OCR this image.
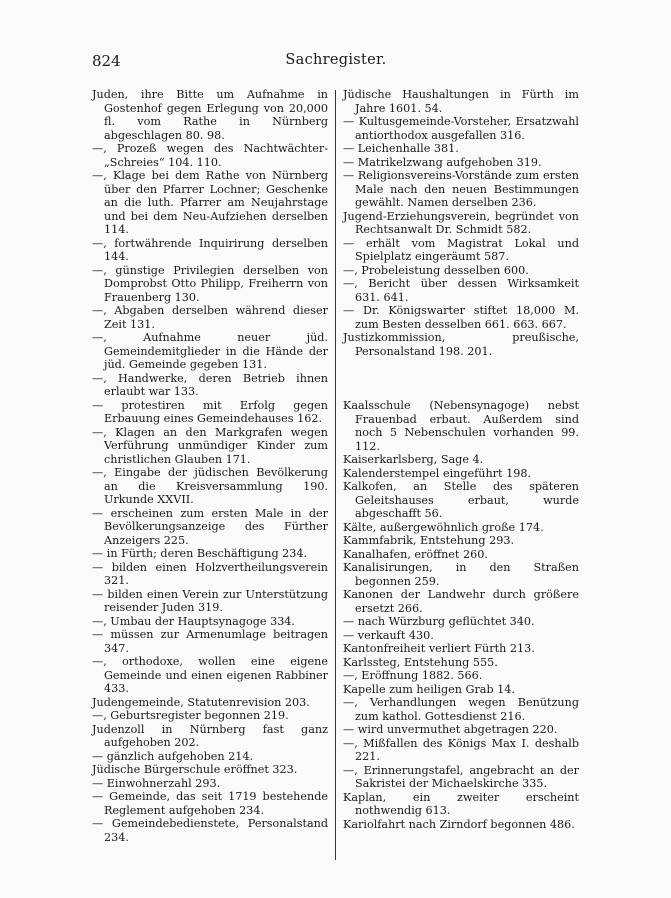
824	Sachregister.

Juden, ihre Bitte um Aufnahme in Gostenhof gegen Erlegung von 20,000 fl. vom Rathe in Nürnberg abgeschlagen 80. 98.

—, Prozeß wegen des Nachtwächter-„Schreies“ 104. 110.

—, Klage bei dem Rathe von Nürnberg über den Pfarrer Lochner; Geschenke an die luth. Pfarrer am Neujahrstage und bei dem Neu-Aufziehen derselben 114.

—, fortwährende Inquirirung derselben 144.

—, günstige Privilegien derselben von Domprobst Otto Philipp, Freiherrn von Frauenberg 130.

—, Abgaben derselben während dieser Zeit 131.

—, Aufnahme neuer jüd. Gemeindemitglieder in die Hände der jüd. Gemeinde gegeben 131.

—, Handwerke, deren Betrieb ihnen erlaubt war 133.

— protestiren mit Erfolg gegen Erbauung eines Gemeindehauses 162.

—, Klagen an den Markgrafen wegen Verführung unmündiger Kinder zum christlichen Glauben 171.

—, Eingabe der jüdischen Bevölkerung an die Kreisversammlung 190. Urkunde XXVII.

— erscheinen zum ersten Male in der Bevölkerungsanzeige des Fürther Anzeigers 225.

— in Fürth; deren Beschäftigung 234.

— bilden einen Holzvertheilungsverein 321.

— bilden einen Verein zur Unterstützung reisender Juden 319.

—, Umbau der Hauptsynagoge 334.

— müssen zur Armenumlage beitragen 347.

—, orthodoxe, wollen eine eigene Gemeinde und einen eigenen Rabbiner 433.

Judengemeinde, Statutenrevision 203.

—, Geburtsregister begonnen 219.

Judenzoll in Nürnberg fast ganz aufgehoben 202.

— gänzlich aufgehoben 214.

Jüdische Bürgerschule eröffnet 323.

— Einwohnerzahl 293.

— Gemeinde, das seit 1719 bestehende Reglement aufgehoben 234.

— Gemeindebedienstete, Personalstand 234.

Jüdische Haushaltungen in Fürth im Jahre 1601. 54.

— Kultusgemeinde-Vorsteher, Ersatzwahl antiorthodox ausgefallen 316.

— Leichenhalle 381.

— Matrikelzwang aufgehoben 319.

— Religionsvereins-Vorstände zum ersten Male nach den neuen Bestimmungen gewählt. Namen derselben 236.

Jugend-Erziehungsverein, begründet von Rechtsanwalt Dr. Schmidt 582.

— erhält vom Magistrat Lokal und Spielplatz eingeräumt 587.

—, Probeleistung desselben 600.

—, Bericht über dessen Wirksamkeit 631. 641.

— Dr. Königswarter stiftet 18,000 M. zum Besten desselben 661. 663. 667.

Justizkommission, preußische, Personalstand 198. 201.

Kaalsschule (Nebensynagoge) nebst Frauenbad erbaut. Außerdem sind noch 5 Nebenschulen vorhanden 99. 112.

Kaiserkarlsberg, Sage 4.

Kalenderstempel eingeführt 198.

Kalkofen, an Stelle des späteren Geleitshauses erbaut, wurde abgeschafft 56.

Kälte, außergewöhnlich große 174.

Kammfabrik, Entstehung 293.

Kanalhafen, eröffnet 260.

Kanalisirungen, in den Straßen begonnen 259.

Kanonen der Landwehr durch größere ersetzt 266.

— nach Würzburg geflüchtet 340.

— verkauft 430.

Kantonfreiheit verliert Fürth 213.

Karlssteg, Entstehung 555.

—, Eröffnung 1882. 566.

Kapelle zum heiligen Grab 14.

—, Verhandlungen wegen Benützung zum kathol. Gottesdienst 216.

— wird unvermuthet abgetragen 220.

—, Mißfallen des Königs Max I. deshalb 221.

—, Erinnerungstafel, angebracht an der Sakristei der Michaelskirche 335.

Kaplan, ein zweiter erscheint nothwendig 613.

Kariolfahrt nach Zirndorf begonnen 486.
